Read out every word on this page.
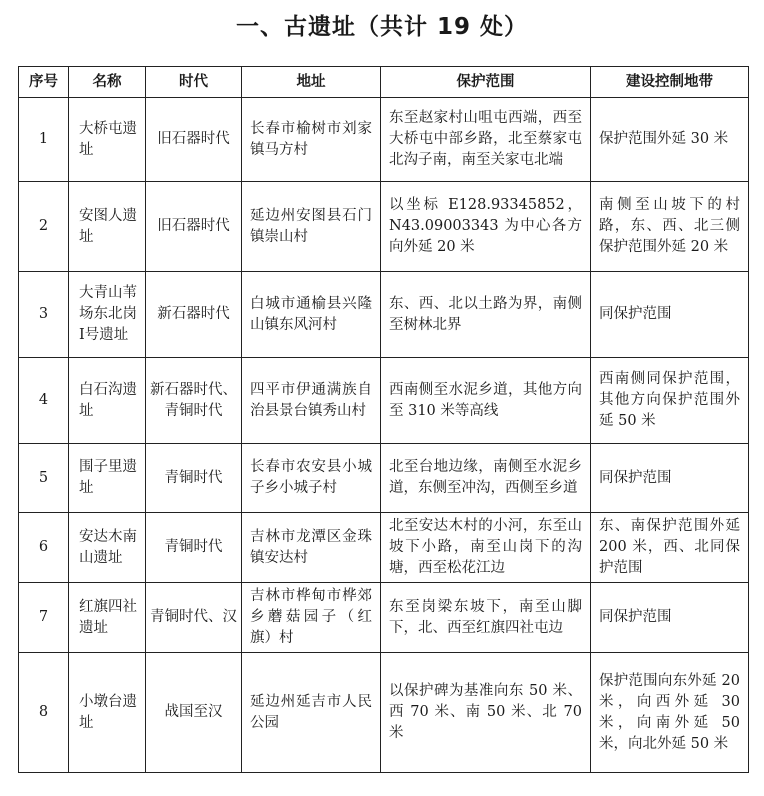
一、古遗址（共计 19 处）
序号	名称	时代	地址	保护范围	建设控制地带
1	大桥屯遗址	旧石器时代	长春市榆树市刘家镇马方村	东至赵家村山咀屯西端，西至大桥屯中部乡路，北至蔡家屯北沟子南，南至关家屯北端	保护范围外延 30 米
2	安图人遗址	旧石器时代	延边州安图县石门镇崇山村	以坐标 E128.93345852，N43.09003343 为中心各方向外延 20 米	南侧至山坡下的村路，东、西、北三侧保护范围外延 20 米
3	大青山苇场东北岗Ⅰ号遗址	新石器时代	白城市通榆县兴隆山镇东风河村	东、西、北以土路为界，南侧至树林北界	同保护范围
4	白石沟遗址	新石器时代、青铜时代	四平市伊通满族自治县景台镇秀山村	西南侧至水泥乡道，其他方向至 310 米等高线	西南侧同保护范围，其他方向保护范围外延 50 米
5	围子里遗址	青铜时代	长春市农安县小城子乡小城子村	北至台地边缘，南侧至水泥乡道，东侧至冲沟，西侧至乡道	同保护范围
6	安达木南山遗址	青铜时代	吉林市龙潭区金珠镇安达村	北至安达木村的小河，东至山坡下小路，南至山岗下的沟塘，西至松花江边	东、南保护范围外延 200 米，西、北同保护范围
7	红旗四社遗址	青铜时代、汉	吉林市桦甸市桦郊乡蘑菇园子（红旗）村	东至岗梁东坡下，南至山脚下，北、西至红旗四社屯边	同保护范围
8	小墩台遗址	战国至汉	延边州延吉市人民公园	以保护碑为基准向东 50 米、西 70 米、南 50 米、北 70 米	保护范围向东外延 20 米，向西外延 30 米，向南外延 50 米，向北外延 50 米
